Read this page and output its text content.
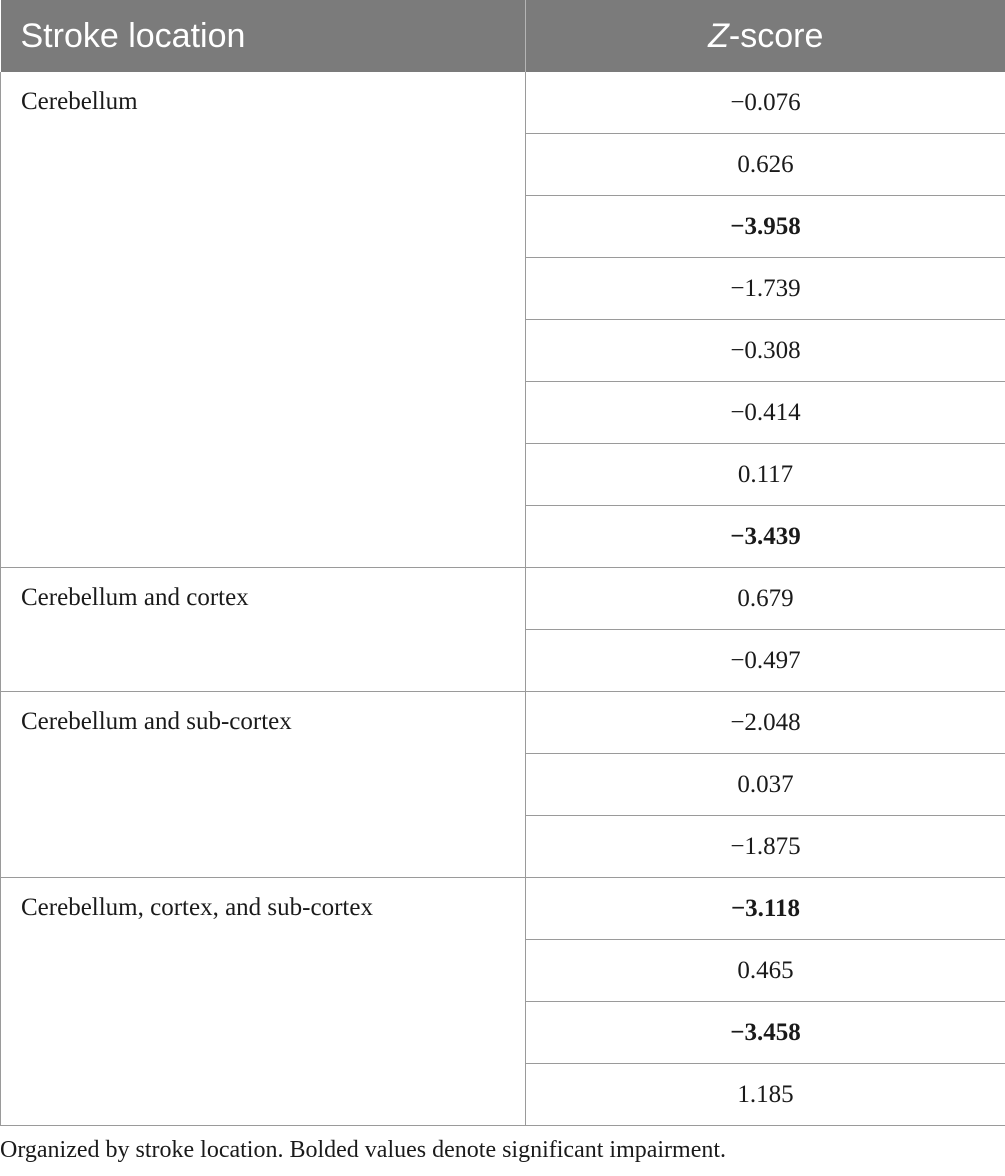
Stroke location	Z-score
Cerebellum	−0.076
	0.626
	−3.958
	−1.739
	−0.308
	−0.414
	0.117
	−3.439
Cerebellum and cortex	0.679
	−0.497
Cerebellum and sub-cortex	−2.048
	0.037
	−1.875
Cerebellum, cortex, and sub-cortex	−3.118
	0.465
	−3.458
	1.185
Organized by stroke location. Bolded values denote significant impairment.
